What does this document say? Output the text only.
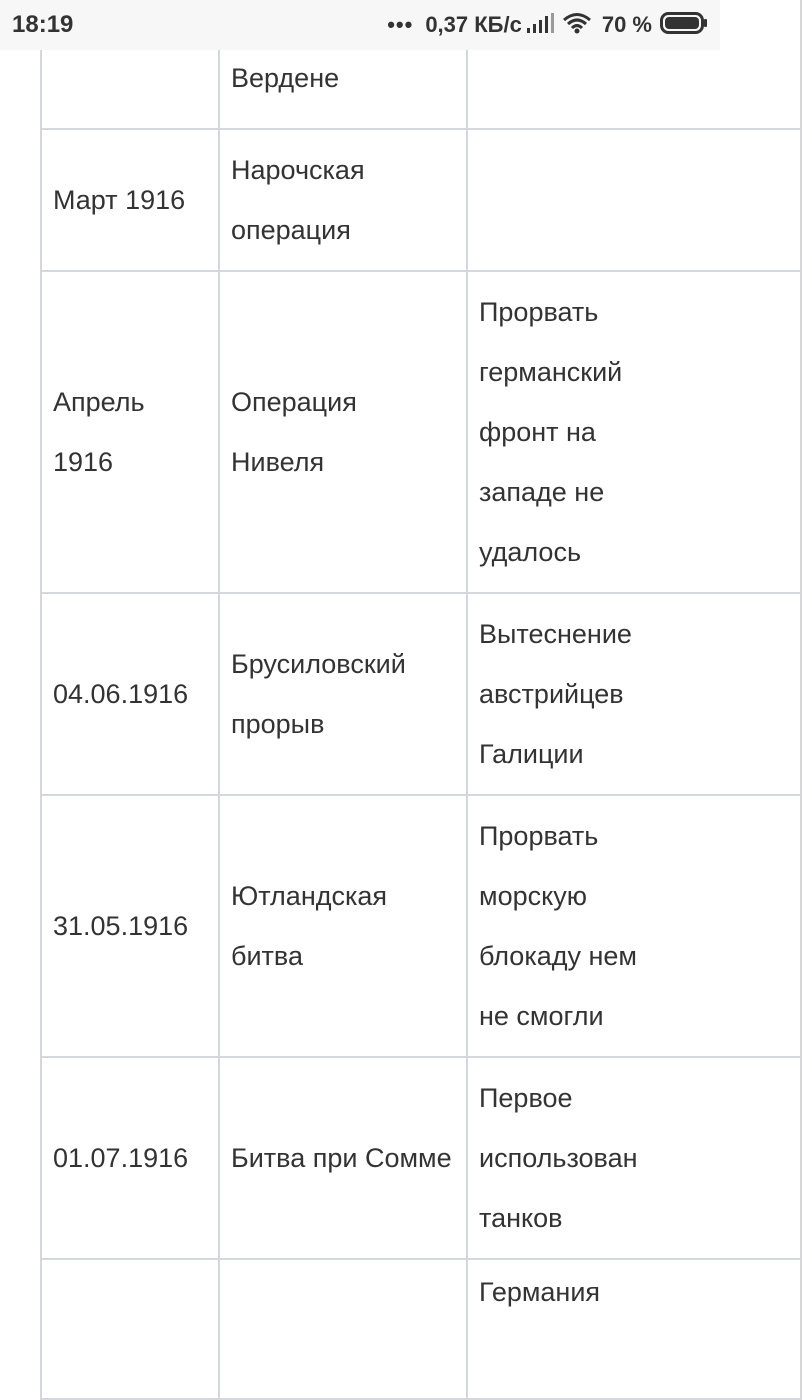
18:19	••• 0,37 КБ/с	70 %
	Вердене	
Март 1916	Нарочская операция	
Апрель 1916	Операция Нивеля	Прорвать
германский
фронт на
западе не
удалось

04.06.1916	Брусиловский прорыв	Вытеснение
австрийцев
Галиции

31.05.1916	Ютландская битва	Прорвать
морскую
блокаду нем
не смогли

01.07.1916	Битва при Сомме	Первое
использован
танков

		Германия
